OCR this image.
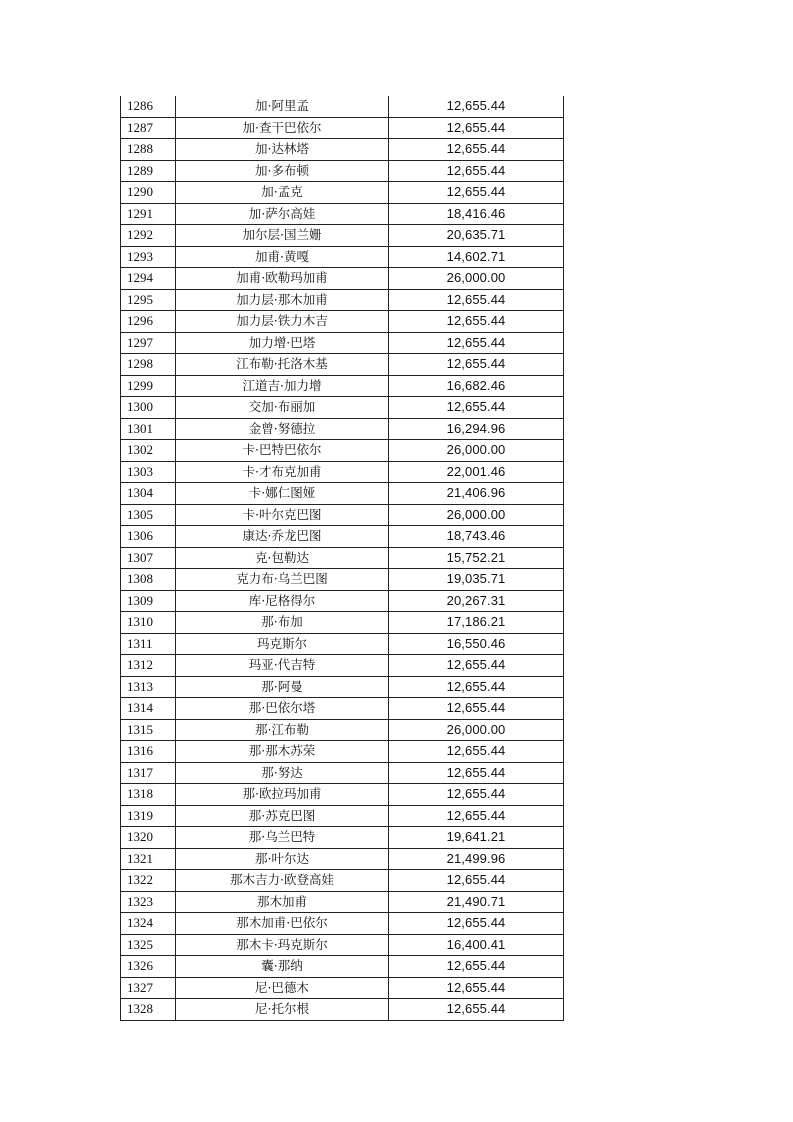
1286	加·阿里孟	12,655.44
1287	加·查干巴依尔	12,655.44
1288	加·达林塔	12,655.44
1289	加·多布顿	12,655.44
1290	加·孟克	12,655.44
1291	加·萨尔高娃	18,416.46
1292	加尔层·国兰姗	20,635.71
1293	加甫·黄嘎	14,602.71
1294	加甫·欧勒玛加甫	26,000.00
1295	加力层·那木加甫	12,655.44
1296	加力层·铁力木吉	12,655.44
1297	加力增·巴塔	12,655.44
1298	江布勒·托洛木基	12,655.44
1299	江道吉·加力增	16,682.46
1300	交加·布丽加	12,655.44
1301	金曾·努德拉	16,294.96
1302	卡·巴特巴依尔	26,000.00
1303	卡·才布克加甫	22,001.46
1304	卡·娜仁图娅	21,406.96
1305	卡·叶尔克巴图	26,000.00
1306	康达·乔龙巴图	18,743.46
1307	克·包勒达	15,752.21
1308	克力布·乌兰巴图	19,035.71
1309	库·尼格得尔	20,267.31
1310	那·布加	17,186.21
1311	玛克斯尔	16,550.46
1312	玛亚·代吉特	12,655.44
1313	那·阿曼	12,655.44
1314	那·巴依尔塔	12,655.44
1315	那·江布勒	26,000.00
1316	那·那木苏荣	12,655.44
1317	那·努达	12,655.44
1318	那·欧拉玛加甫	12,655.44
1319	那·苏克巴图	12,655.44
1320	那·乌兰巴特	19,641.21
1321	那·叶尔达	21,499.96
1322	那木吉力·欧登高娃	12,655.44
1323	那木加甫	21,490.71
1324	那木加甫·巴依尔	12,655.44
1325	那木卡·玛克斯尔	16,400.41
1326	囊·那纳	12,655.44
1327	尼·巴德木	12,655.44
1328	尼·托尔根	12,655.44
